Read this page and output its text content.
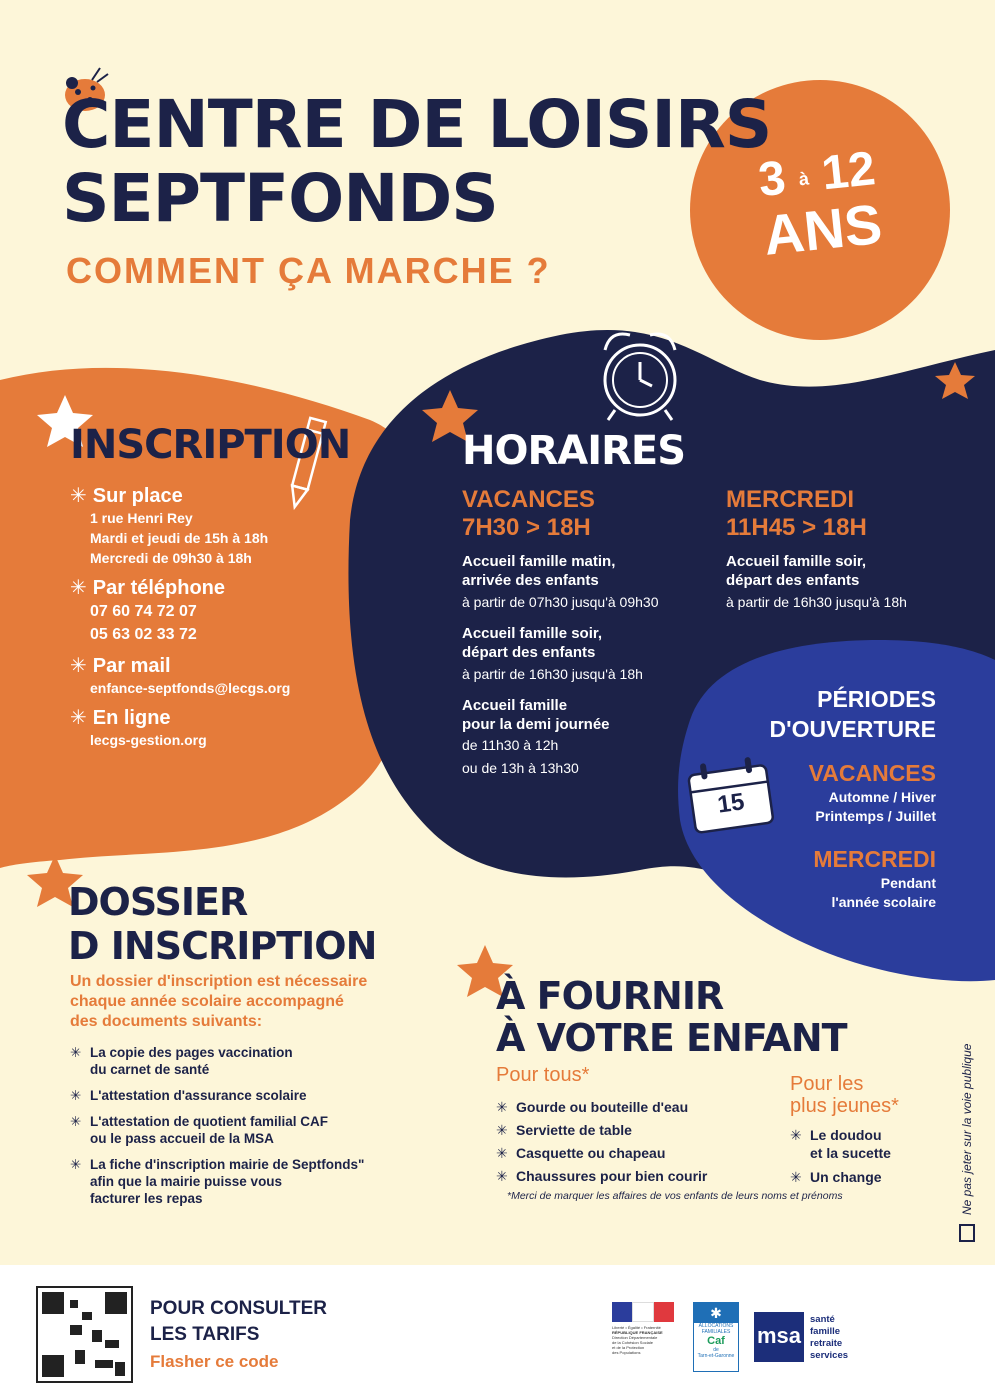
CENTRE DE LOISIRS
SEPTFONDS
COMMENT ÇA MARCHE ?
3 à 12
ANS
INSCRIPTION
✳ Sur place
1 rue Henri Rey
Mardi et jeudi de 15h à 18h
Mercredi de 09h30 à 18h
✳ Par téléphone
07 60 74 72 07
05 63 02 33 72
✳ Par mail
enfance-septfonds@lecgs.org
✳ En ligne
lecgs-gestion.org
HORAIRES
VACANCES
7H30 > 18H
Accueil famille matin,
arrivée des enfants
à partir de 07h30 jusqu'à 09h30
Accueil famille soir,
départ des enfants
à partir de 16h30 jusqu'à 18h
Accueil famille
pour la demi journée
de 11h30 à 12h
ou de 13h à 13h30
MERCREDI
11H45 > 18H
Accueil famille soir,
départ des enfants
à partir de 16h30 jusqu'à 18h
PÉRIODES
D'OUVERTURE
15
VACANCES
Automne / Hiver
Printemps / Juillet
MERCREDI
Pendant
l'année scolaire
DOSSIER
D INSCRIPTION
Un dossier d'inscription est nécessaire
chaque année scolaire accompagné
des documents suivants:
✳ La copie des pages vaccination
du carnet de santé
✳ L'attestation d'assurance scolaire
✳ L'attestation de quotient familial CAF
ou le pass accueil de la MSA
✳ La fiche d'inscription mairie de Septfonds"
afin que la mairie puisse vous
facturer les repas
À FOURNIR
À VOTRE ENFANT
Pour tous*
✳ Gourde ou bouteille d'eau
✳ Serviette de table
✳ Casquette ou chapeau
✳ Chaussures pour bien courir
Pour les
plus jeunes*
✳ Le doudou
et la sucette
✳ Un change
*Merci de marquer les affaires de vos enfants de leurs noms et prénoms	Ne pas jeter sur la voie publique
POUR CONSULTER
LES TARIFS
Flasher ce code
Liberté • Égalité • Fraternité
RÉPUBLIQUE FRANÇAISE
Direction Départementale
de la Cohésion Sociale
et de la Protection
des Populations
✱
ALLOCATIONS
FAMILIALES
Caf
de
Tarn-et-Garonne
msa
santé
famille
retraite
services
